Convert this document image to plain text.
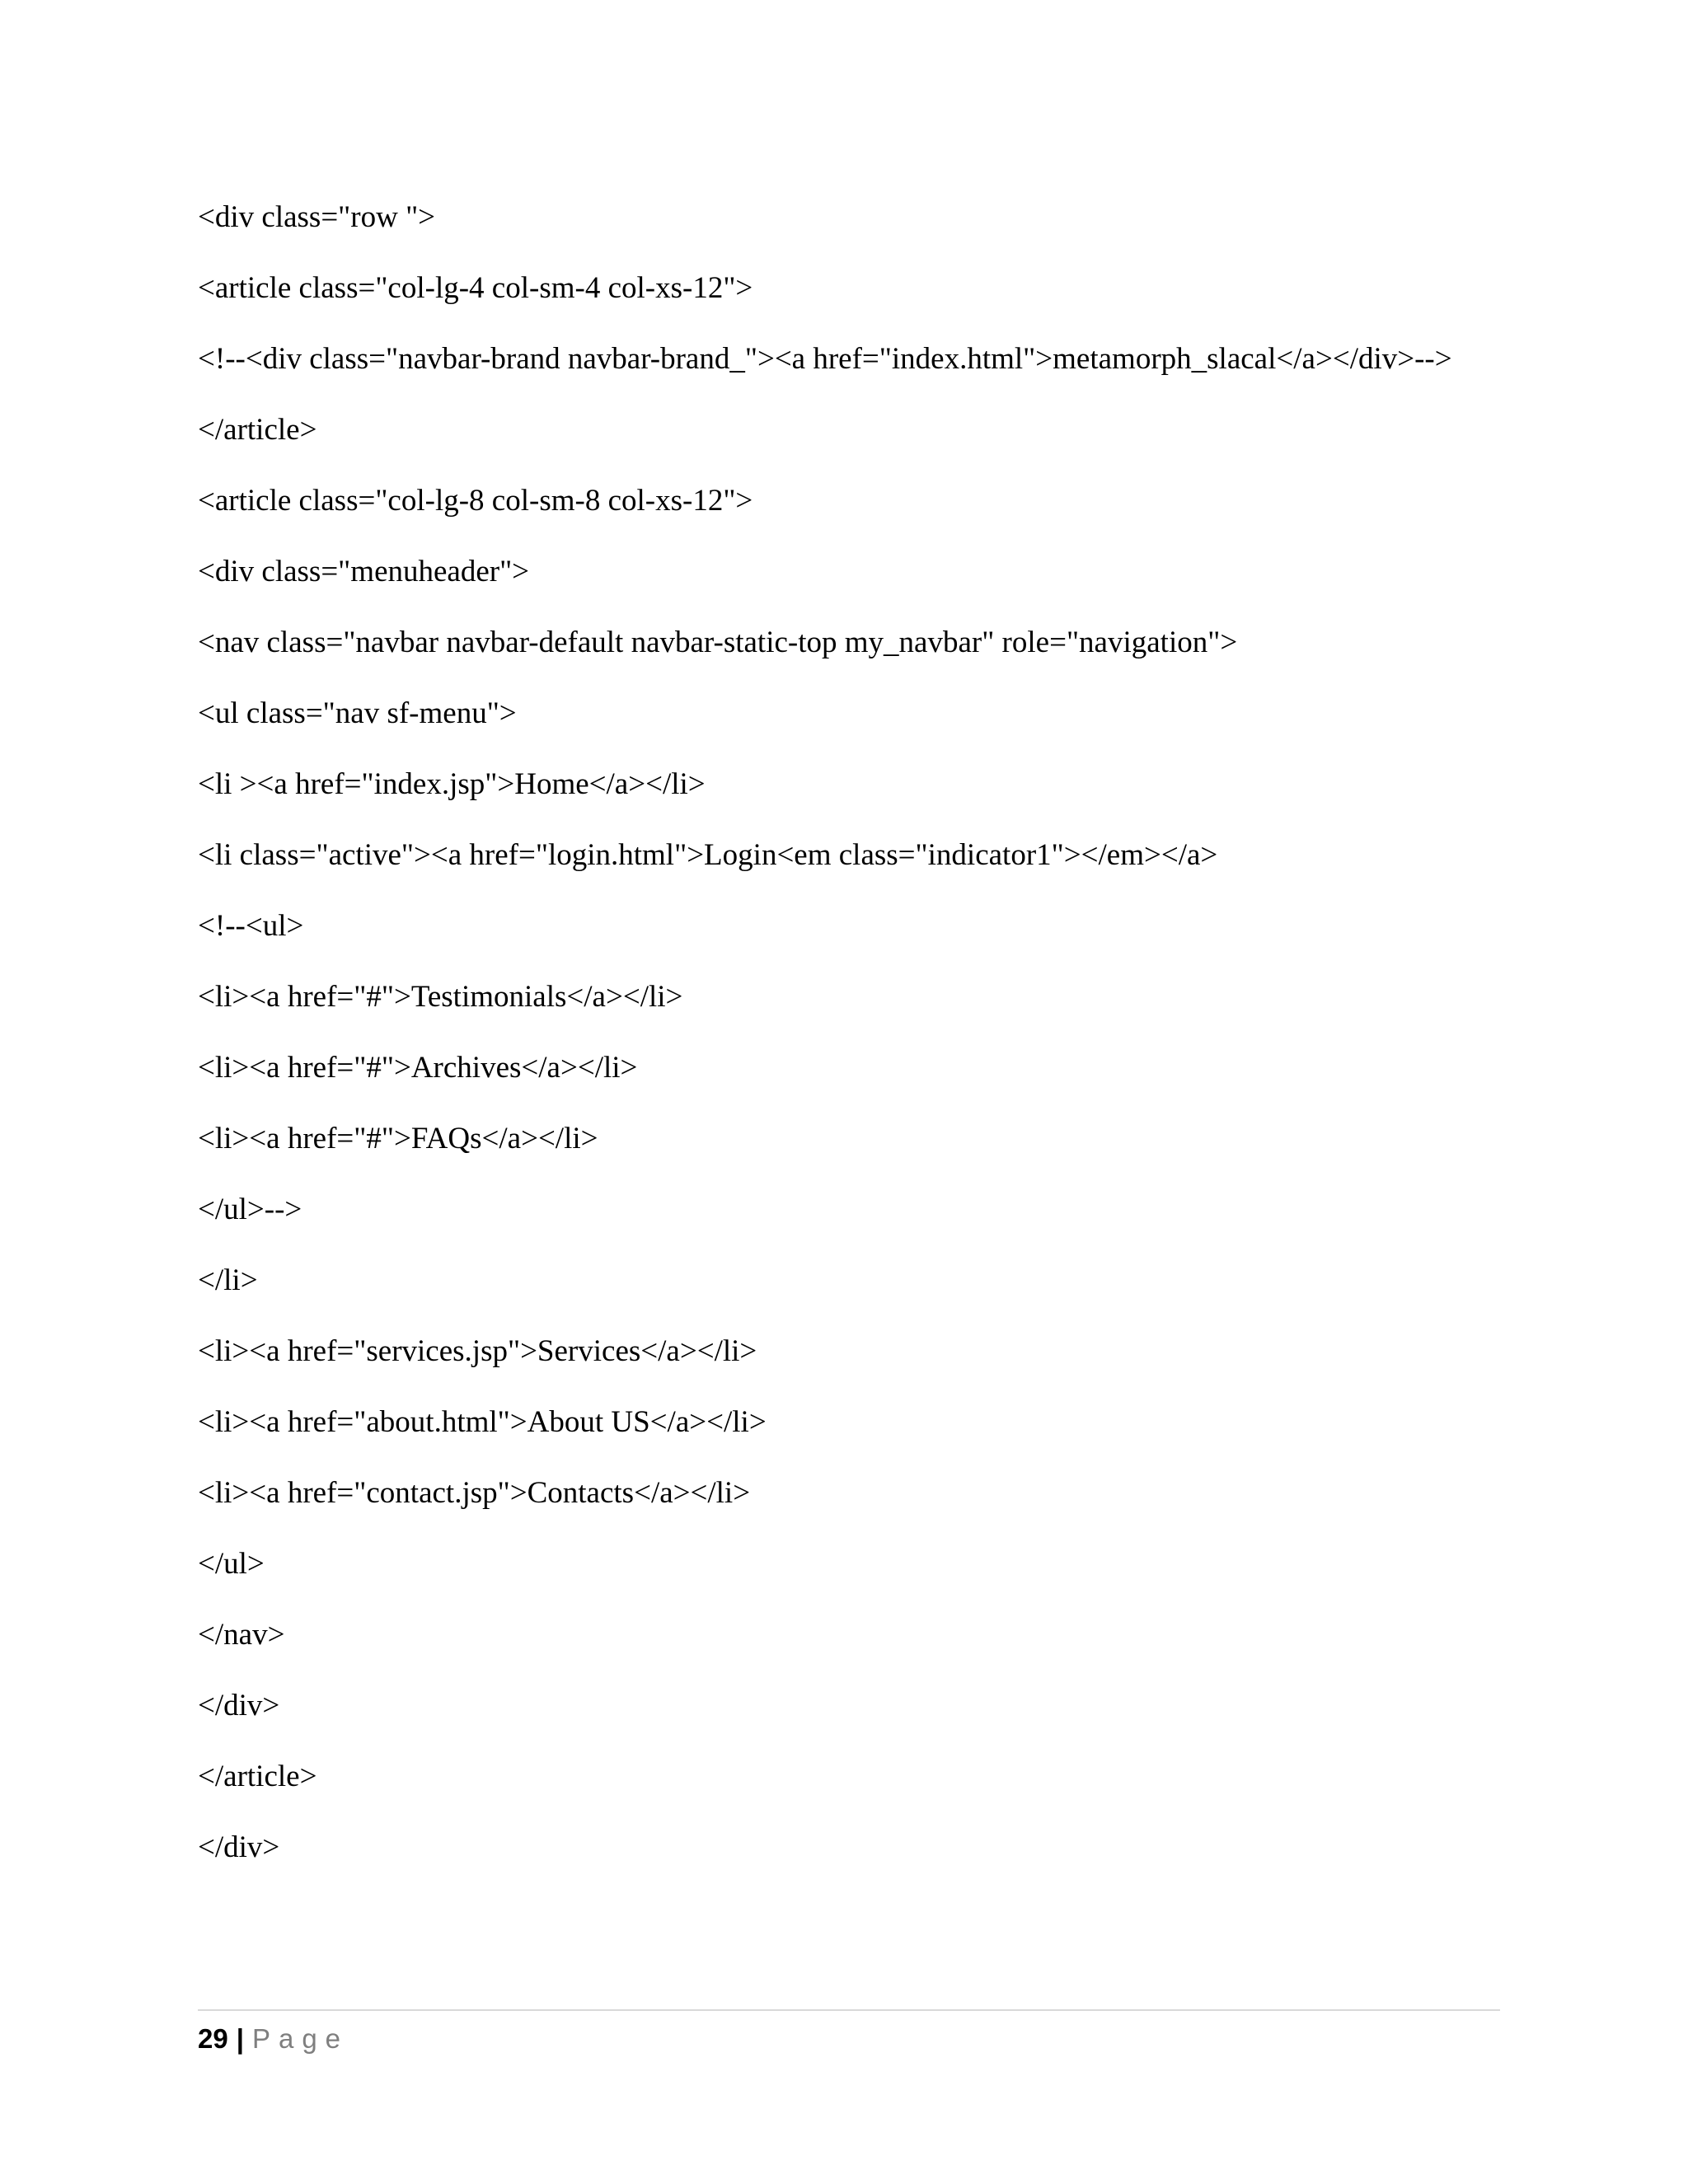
<div class="row ">

<article class="col-lg-4 col-sm-4 col-xs-12">

<!--<div class="navbar-brand navbar-brand_"><a href="index.html">metamorph_slacal</a></div>-->

</article>

<article class="col-lg-8 col-sm-8 col-xs-12">

<div class="menuheader">

<nav class="navbar navbar-default navbar-static-top my_navbar" role="navigation">

<ul class="nav sf-menu">

<li ><a href="index.jsp">Home</a></li>

<li class="active"><a href="login.html">Login<em class="indicator1"></em></a>

<!--<ul>

<li><a href="#">Testimonials</a></li>

<li><a href="#">Archives</a></li>

<li><a href="#">FAQs</a></li>

</ul>-->

</li>

<li><a href="services.jsp">Services</a></li>

<li><a href="about.html">About US</a></li>

<li><a href="contact.jsp">Contacts</a></li>

</ul>

</nav>

</div>

</article>

</div>

29 | Page
